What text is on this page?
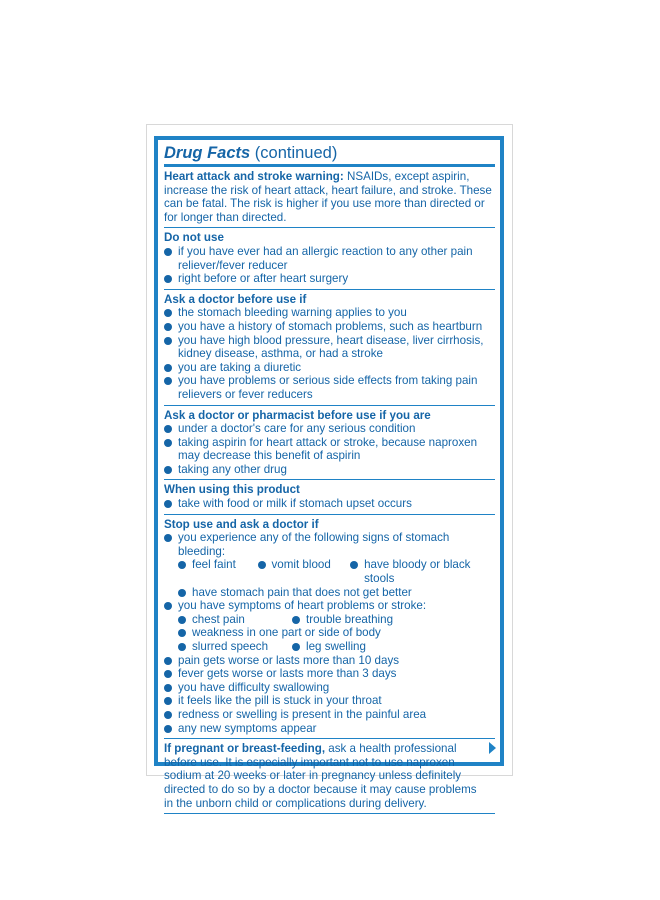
Drug Facts (continued)
Heart attack and stroke warning: NSAIDs, except aspirin, increase the risk of heart attack, heart failure, and stroke. These can be fatal. The risk is higher if you use more than directed or for longer than directed.
Do not use
if you have ever had an allergic reaction to any other pain reliever/fever reducer
right before or after heart surgery
Ask a doctor before use if
the stomach bleeding warning applies to you
you have a history of stomach problems, such as heartburn
you have high blood pressure, heart disease, liver cirrhosis, kidney disease, asthma, or had a stroke
you are taking a diuretic
you have problems or serious side effects from taking pain relievers or fever reducers
Ask a doctor or pharmacist before use if you are
under a doctor's care for any serious condition
taking aspirin for heart attack or stroke, because naproxen may decrease this benefit of aspirin
taking any other drug
When using this product
take with food or milk if stomach upset occurs
Stop use and ask a doctor if
you experience any of the following signs of stomach bleeding:
feel faint	vomit blood	have bloody or black stools
have stomach pain that does not get better
you have symptoms of heart problems or stroke:
chest pain	trouble breathing
weakness in one part or side of body
slurred speech	leg swelling
pain gets worse or lasts more than 10 days
fever gets worse or lasts more than 3 days
you have difficulty swallowing
it feels like the pill is stuck in your throat
redness or swelling is present in the painful area
any new symptoms appear
If pregnant or breast-feeding, ask a health professional before use. It is especially important not to use naproxen sodium at 20 weeks or later in pregnancy unless definitely directed to do so by a doctor because it may cause problems in the unborn child or complications during delivery.
